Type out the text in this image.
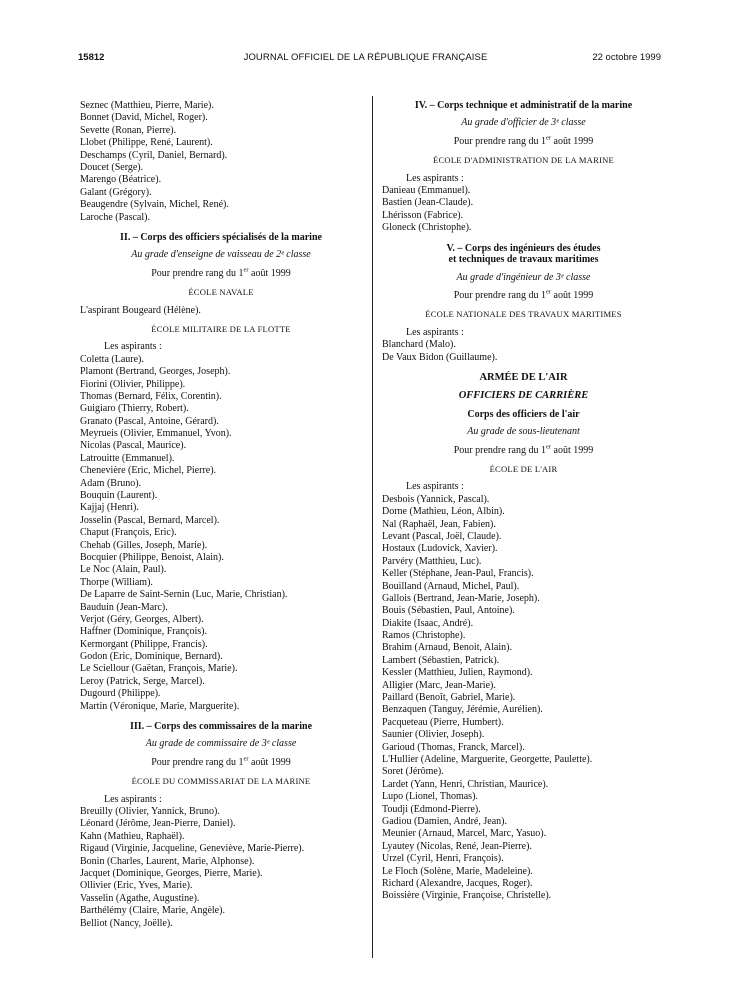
15812	JOURNAL OFFICIEL DE LA RÉPUBLIQUE FRANÇAISE	22 octobre 1999
Seznec (Matthieu, Pierre, Marie).
Bonnet (David, Michel, Roger).
Sevette (Ronan, Pierre).
Llobet (Philippe, René, Laurent).
Deschamps (Cyril, Daniel, Bernard).
Doucet (Serge).
Marengo (Béatrice).
Galant (Grégory).
Beaugendre (Sylvain, Michel, René).
Laroche (Pascal).
II. – Corps des officiers spécialisés de la marine
Au grade d'enseigne de vaisseau de 2ᵉ classe
Pour prendre rang du 1er août 1999
ÉCOLE NAVALE
L'aspirant Bougeard (Hélène).
ÉCOLE MILITAIRE DE LA FLOTTE
Les aspirants :
Coletta (Laure).
Plamont (Bertrand, Georges, Joseph).
Fiorini (Olivier, Philippe).
Thomas (Bernard, Félix, Corentin).
Guigiaro (Thierry, Robert).
Granato (Pascal, Antoine, Gérard).
Meyrueis (Olivier, Emmanuel, Yvon).
Nicolas (Pascal, Maurice).
Latrouitte (Emmanuel).
Chenevière (Eric, Michel, Pierre).
Adam (Bruno).
Bouquin (Laurent).
Kajjaj (Henri).
Josselin (Pascal, Bernard, Marcel).
Chaput (François, Eric).
Chehab (Gilles, Joseph, Marie).
Bocquier (Philippe, Benoist, Alain).
Le Noc (Alain, Paul).
Thorpe (William).
De Laparre de Saint-Sernin (Luc, Marie, Christian).
Bauduin (Jean-Marc).
Verjot (Géry, Georges, Albert).
Haffner (Dominique, François).
Kermorgant (Philippe, Francis).
Godon (Eric, Dominique, Bernard).
Le Sciellour (Gaëtan, François, Marie).
Leroy (Patrick, Serge, Marcel).
Dugourd (Philippe).
Martin (Véronique, Marie, Marguerite).
III. – Corps des commissaires de la marine
Au grade de commissaire de 3ᵉ classe
Pour prendre rang du 1er août 1999
ÉCOLE DU COMMISSARIAT DE LA MARINE
Les aspirants :
Breuilly (Olivier, Yannick, Bruno).
Léonard (Jérôme, Jean-Pierre, Daniel).
Kahn (Mathieu, Raphaël).
Rigaud (Virginie, Jacqueline, Geneviève, Marie-Pierre).
Bonin (Charles, Laurent, Marie, Alphonse).
Jacquet (Dominique, Georges, Pierre, Marie).
Ollivier (Eric, Yves, Marie).
Vasselin (Agathe, Augustine).
Barthélémy (Claire, Marie, Angèle).
Belliot (Nancy, Joëlle).
IV. – Corps technique et administratif de la marine
Au grade d'officier de 3ᵉ classe
Pour prendre rang du 1er août 1999
ÉCOLE D'ADMINISTRATION DE LA MARINE
Les aspirants :
Danieau (Emmanuel).
Bastien (Jean-Claude).
Lhérisson (Fabrice).
Gloneck (Christophe).
V. – Corps des ingénieurs des études
et techniques de travaux maritimes
Au grade d'ingénieur de 3ᵉ classe
Pour prendre rang du 1er août 1999
ÉCOLE NATIONALE DES TRAVAUX MARITIMES
Les aspirants :
Blanchard (Malo).
De Vaux Bidon (Guillaume).
ARMÉE DE L'AIR
OFFICIERS DE CARRIÈRE
Corps des officiers de l'air
Au grade de sous-lieutenant
Pour prendre rang du 1er août 1999
ÉCOLE DE L'AIR
Les aspirants :
Desbois (Yannick, Pascal).
Dorne (Mathieu, Léon, Albin).
Nal (Raphaël, Jean, Fabien).
Levant (Pascal, Joël, Claude).
Hostaux (Ludovick, Xavier).
Parvéry (Matthieu, Luc).
Keller (Stéphane, Jean-Paul, Francis).
Bouilland (Arnaud, Michel, Paul).
Gallois (Bertrand, Jean-Marie, Joseph).
Bouis (Sébastien, Paul, Antoine).
Diakite (Isaac, André).
Ramos (Christophe).
Brahim (Arnaud, Benoit, Alain).
Lambert (Sébastien, Patrick).
Kessler (Matthieu, Julien, Raymond).
Alligier (Marc, Jean-Marie).
Paillard (Benoît, Gabriel, Marie).
Benzaquen (Tanguy, Jérémie, Aurélien).
Pacqueteau (Pierre, Humbert).
Saunier (Olivier, Joseph).
Garioud (Thomas, Franck, Marcel).
L'Hullier (Adeline, Marguerite, Georgette, Paulette).
Soret (Jérôme).
Lardet (Yann, Henri, Christian, Maurice).
Lupo (Lionel, Thomas).
Toudji (Edmond-Pierre).
Gadiou (Damien, André, Jean).
Meunier (Arnaud, Marcel, Marc, Yasuo).
Lyautey (Nicolas, René, Jean-Pierre).
Urzel (Cyril, Henri, François).
Le Floch (Solène, Marie, Madeleine).
Richard (Alexandre, Jacques, Roger).
Boissière (Virginie, Françoise, Christelle).
